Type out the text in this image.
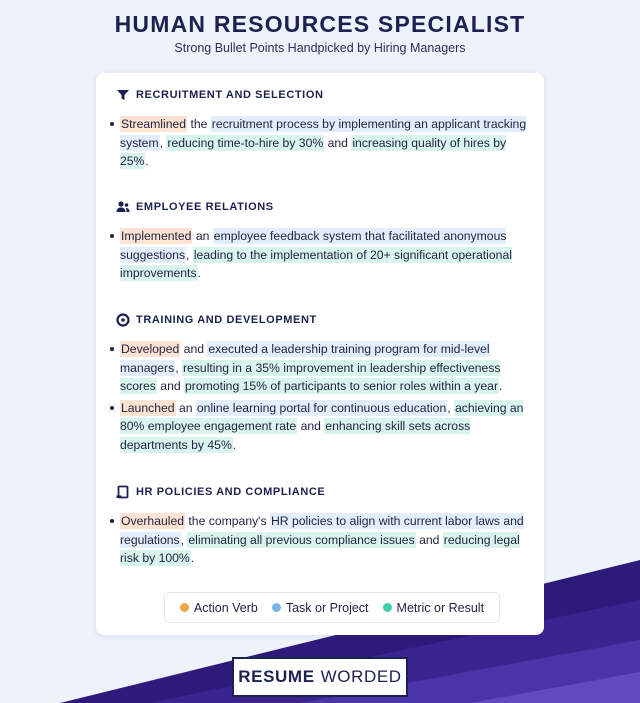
HUMAN RESOURCES SPECIALIST
Strong Bullet Points Handpicked by Hiring Managers
RECRUITMENT AND SELECTION
Streamlined the recruitment process by implementing an applicant tracking system, reducing time-to-hire by 30% and increasing quality of hires by 25%.
EMPLOYEE RELATIONS
Implemented an employee feedback system that facilitated anonymous suggestions, leading to the implementation of 20+ significant operational improvements.
TRAINING AND DEVELOPMENT
Developed and executed a leadership training program for mid-level managers, resulting in a 35% improvement in leadership effectiveness scores and promoting 15% of participants to senior roles within a year.
Launched an online learning portal for continuous education, achieving an 80% employee engagement rate and enhancing skill sets across departments by 45%.
HR POLICIES AND COMPLIANCE
Overhauled the company's HR policies to align with current labor laws and regulations, eliminating all previous compliance issues and reducing legal risk by 100%.
Action Verb Task or Project Metric or Result
RESUME WORDED
